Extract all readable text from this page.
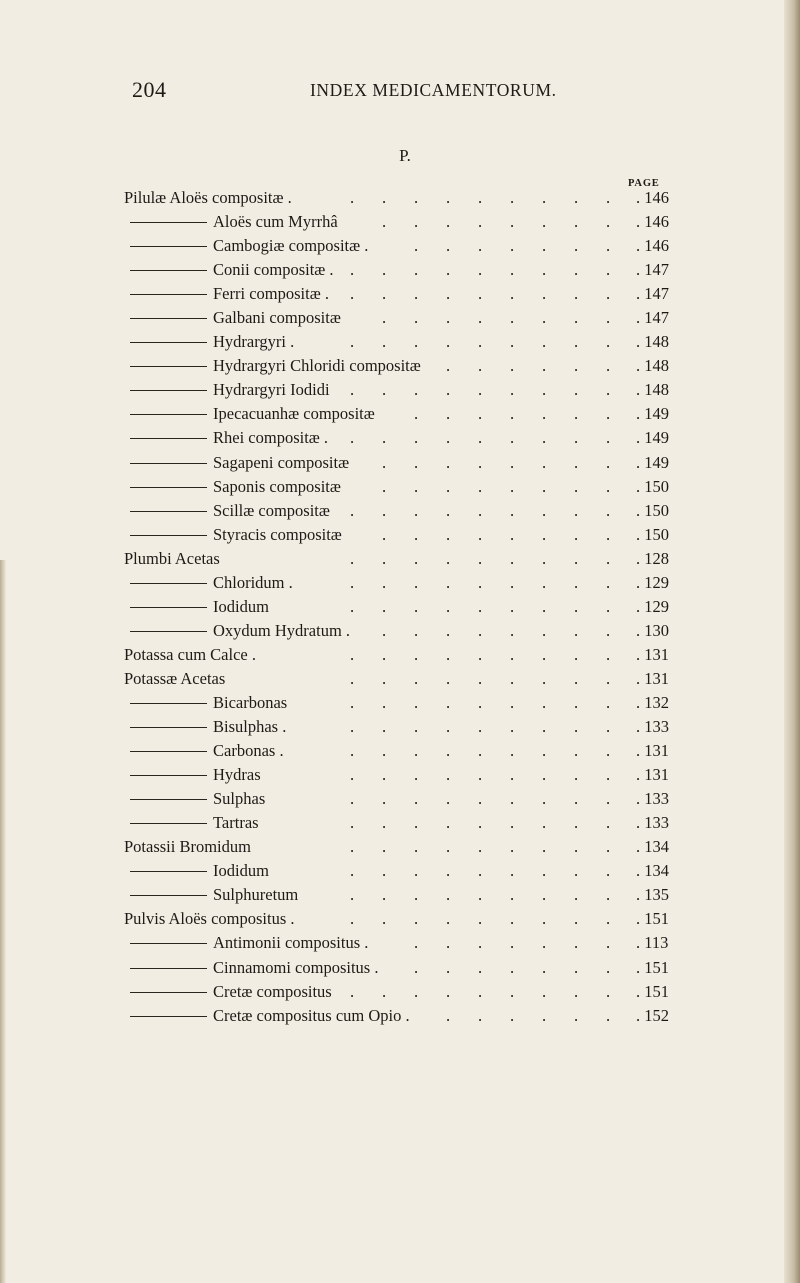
204	INDEX MEDICAMENTORUM.
P.
PAGE
Pilulæ Aloës compositæ .	. 146
. . . . . . . . .
Aloës cum Myrrhâ	. 146
. . . . . . . .
Cambogiæ compositæ .	. 146
. . . . . . .
Conii compositæ .	. 147
. . . . . . . . .
Ferri compositæ .	. 147
. . . . . . . . .
Galbani compositæ	. 147
. . . . . . . .
Hydrargyri .	. 148
. . . . . . . . .
Hydrargyri Chloridi compositæ	. 148
. . . . . .
Hydrargyri Iodidi	. 148
. . . . . . . . .
Ipecacuanhæ compositæ	. 149
. . . . . . .
Rhei compositæ .	. 149
. . . . . . . . .
Sagapeni compositæ	. 149
. . . . . . . .
Saponis compositæ	. 150
. . . . . . . .
Scillæ compositæ	. 150
. . . . . . . . .
Styracis compositæ	. 150
. . . . . . . .
Plumbi Acetas	. 128
. . . . . . . . .
Chloridum .	. 129
. . . . . . . . .
Iodidum	. 129
. . . . . . . . .
Oxydum Hydratum .	. 130
. . . . . . . .
Potassa cum Calce .	. 131
. . . . . . . . .
Potassæ Acetas	. 131
. . . . . . . . .
Bicarbonas	. 132
. . . . . . . . .
Bisulphas .	. 133
. . . . . . . . .
Carbonas .	. 131
. . . . . . . . .
Hydras	. 131
. . . . . . . . .
Sulphas	. 133
. . . . . . . . .
Tartras	. 133
. . . . . . . . .
Potassii Bromidum	. 134
. . . . . . . . .
Iodidum	. 134
. . . . . . . . .
Sulphuretum	. 135
. . . . . . . . .
Pulvis Aloës compositus .	. 151
. . . . . . . . .
Antimonii compositus .	. 113
. . . . . . .
Cinnamomi compositus .	. 151
. . . . . . .
Cretæ compositus	. 151
. . . . . . . . .
Cretæ compositus cum Opio .	. 152
. . . . . .
